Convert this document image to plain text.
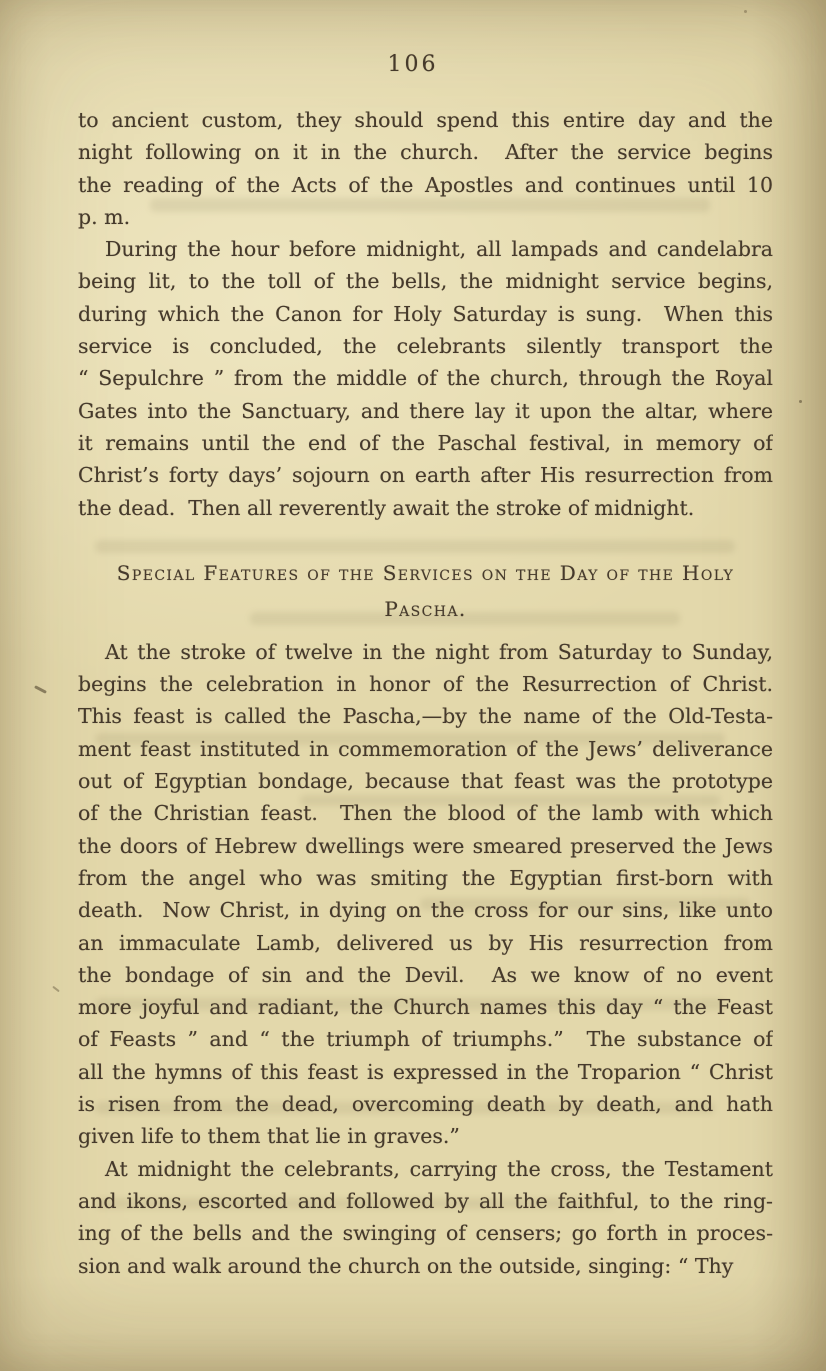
106
to ancient custom, they should spend this entire day and the
night following on it in the church.  After the service begins
the reading of the Acts of the Apostles and continues until 10
p. m.
During the hour before midnight, all lampads and candelabra
being lit, to the toll of the bells, the midnight service begins,
during which the Canon for Holy Saturday is sung.  When this
service is concluded, the celebrants silently transport the
“ Sepulchre ” from the middle of the church, through the Royal
Gates into the Sanctuary, and there lay it upon the altar, where
it remains until the end of the Paschal festival, in memory of
Christ’s forty days’ sojourn on earth after His resurrection from
the dead.  Then all reverently await the stroke of midnight.
Special Features of the Services on the Day of the Holy
Pascha.
At the stroke of twelve in the night from Saturday to Sunday,
begins the celebration in honor of the Resurrection of Christ.
This feast is called the Pascha,—by the name of the Old-Testa-
ment feast instituted in commemoration of the Jews’ deliverance
out of Egyptian bondage, because that feast was the prototype
of the Christian feast.  Then the blood of the lamb with which
the doors of Hebrew dwellings were smeared preserved the Jews
from the angel who was smiting the Egyptian first-born with
death.  Now Christ, in dying on the cross for our sins, like unto
an immaculate Lamb, delivered us by His resurrection from
the bondage of sin and the Devil.  As we know of no event
more joyful and radiant, the Church names this day “ the Feast
of Feasts ” and “ the triumph of triumphs.”  The substance of
all the hymns of this feast is expressed in the Troparion “ Christ
is risen from the dead, overcoming death by death, and hath
given life to them that lie in graves.”
At midnight the celebrants, carrying the cross, the Testament
and ikons, escorted and followed by all the faithful, to the ring-
ing of the bells and the swinging of censers; go forth in proces-
sion and walk around the church on the outside, singing: “ Thy
